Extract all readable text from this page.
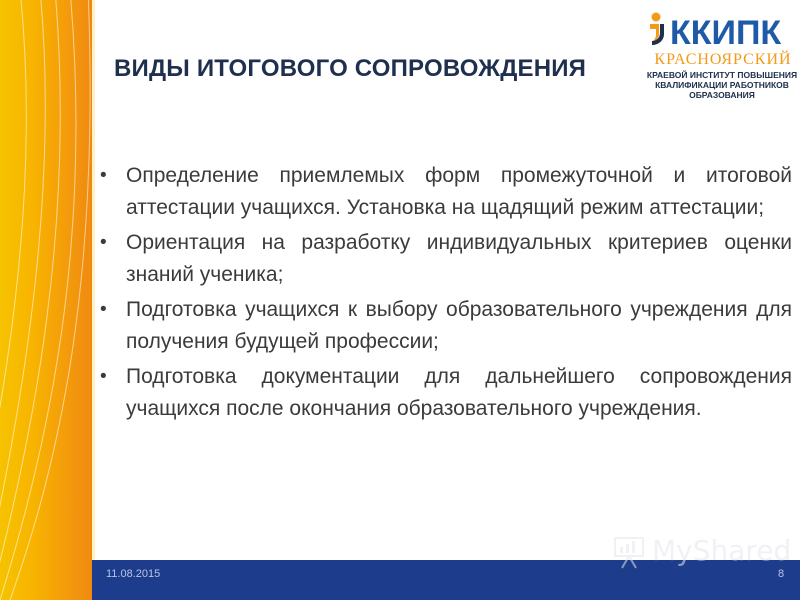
ВИДЫ ИТОГОВОГО СОПРОВОЖДЕНИЯ
ККИПК
КРАСНОЯРСКИЙ
КРАЕВОЙ ИНСТИТУТ ПОВЫШЕНИЯ
КВАЛИФИКАЦИИ РАБОТНИКОВ
ОБРАЗОВАНИЯ
• Определение приемлемых форм промежуточной и итоговой аттестации учащихся. Установка на щадящий режим аттестации;
• Ориентация на разработку индивидуальных критериев оценки знаний ученика;
• Подготовка учащихся к выбору образовательного учреждения для получения будущей профессии;
• Подготовка документации для дальнейшего сопровождения учащихся после окончания образовательного учреждения.
11.08.2015	8
MyShared
